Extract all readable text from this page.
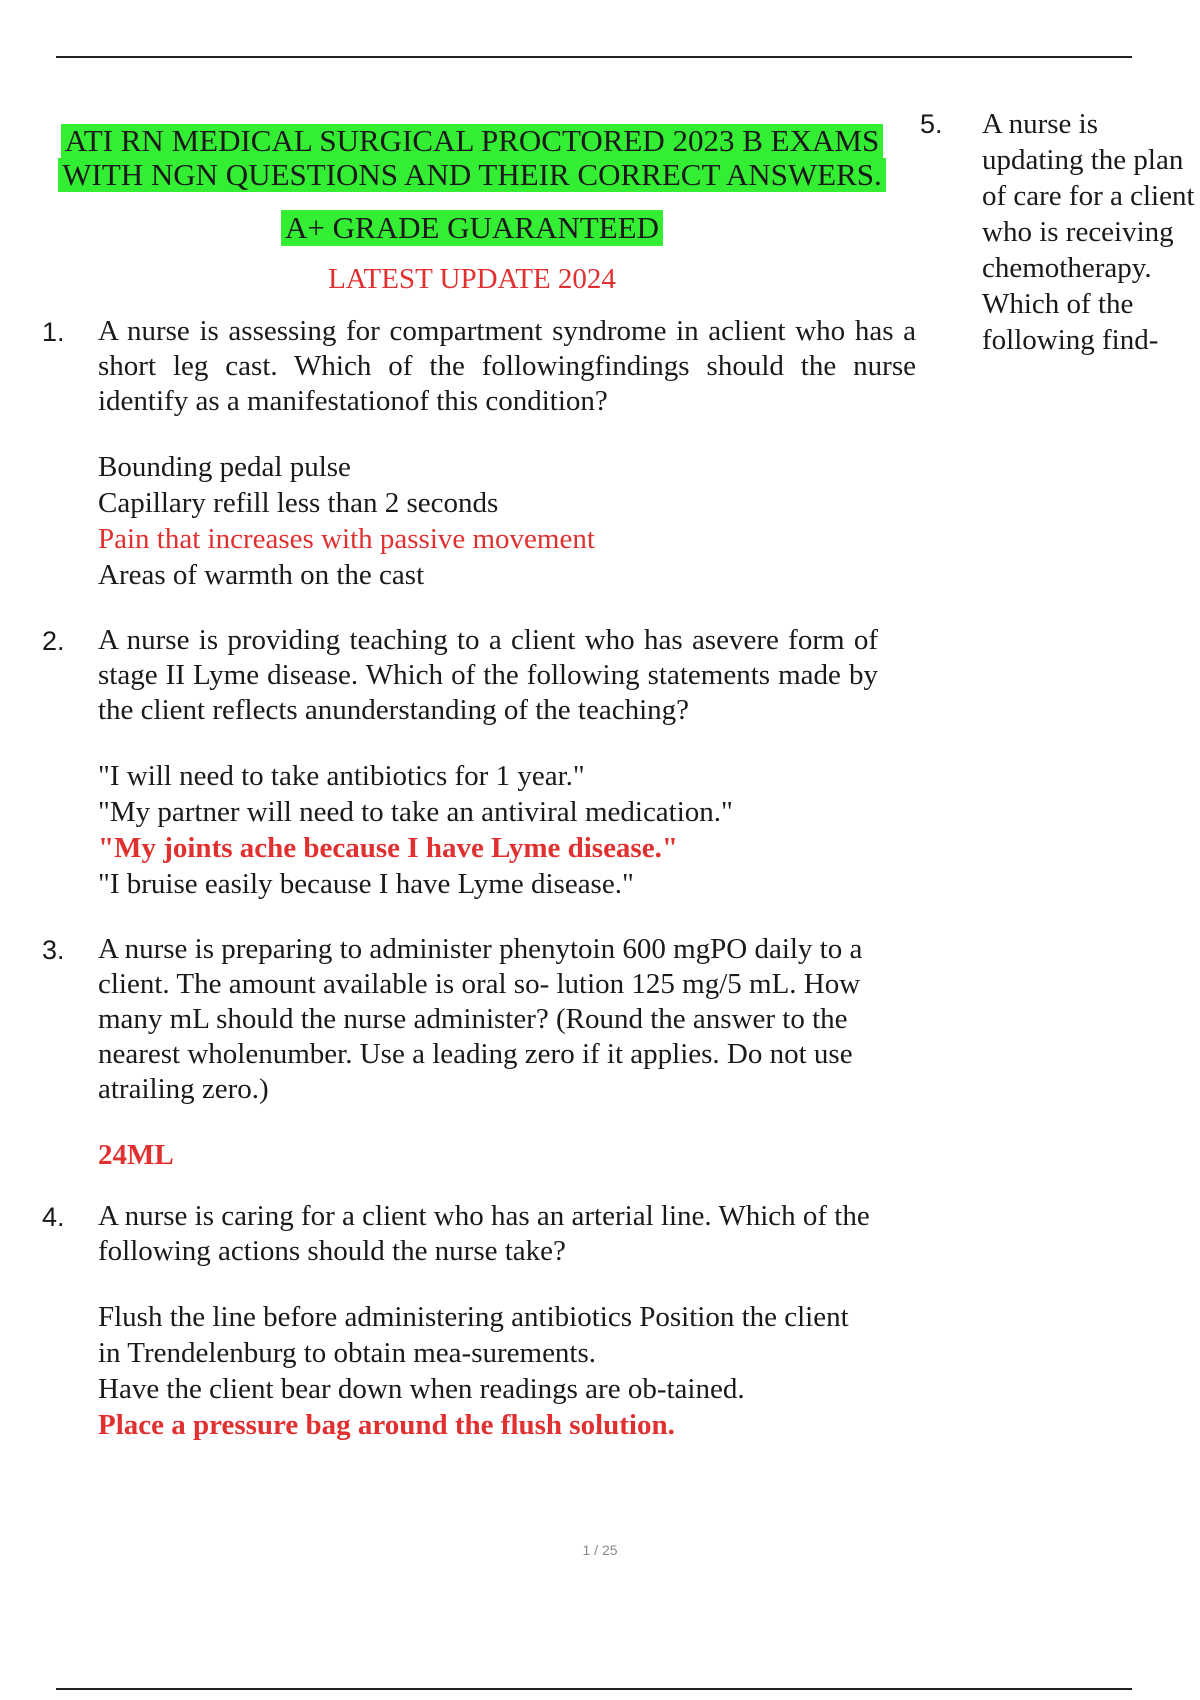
ATI RN MEDICAL SURGICAL PROCTORED 2023 B EXAMS
WITH NGN QUESTIONS AND THEIR CORRECT ANSWERS.
A+ GRADE GUARANTEED
LATEST UPDATE 2024
1. A nurse is assessing for compartment syndrome in aclient who has a short leg cast. Which of the followingfindings should the nurse identify as a manifestationof this condition?
Bounding pedal pulse
Capillary refill less than 2 seconds
Pain that increases with passive movement
Areas of warmth on the cast
2. A nurse is providing teaching to a client who has asevere form of stage II Lyme disease. Which of the following statements made by the client reflects anunderstanding of the teaching?
"I will need to take antibiotics for 1 year."
"My partner will need to take an antiviral medication."
"My joints ache because I have Lyme disease."
"I bruise easily because I have Lyme disease."
3. A nurse is preparing to administer phenytoin 600 mgPO daily to a client. The amount available is oral so- lution 125 mg/5 mL. How many mL should the nurse administer? (Round the answer to the nearest wholenumber. Use a leading zero if it applies. Do not use atrailing zero.)
24ML
4. A nurse is caring for a client who has an arterial line. Which of the following actions should the nurse take?
Flush the line before administering antibiotics Position the client in Trendelenburg to obtain mea-surements.
Have the client bear down when readings are ob-tained.
Place a pressure bag around the flush solution.
5.	A nurse is updating the plan of care for a client who is receiving chemotherapy. Which of the following find-
1 / 25
